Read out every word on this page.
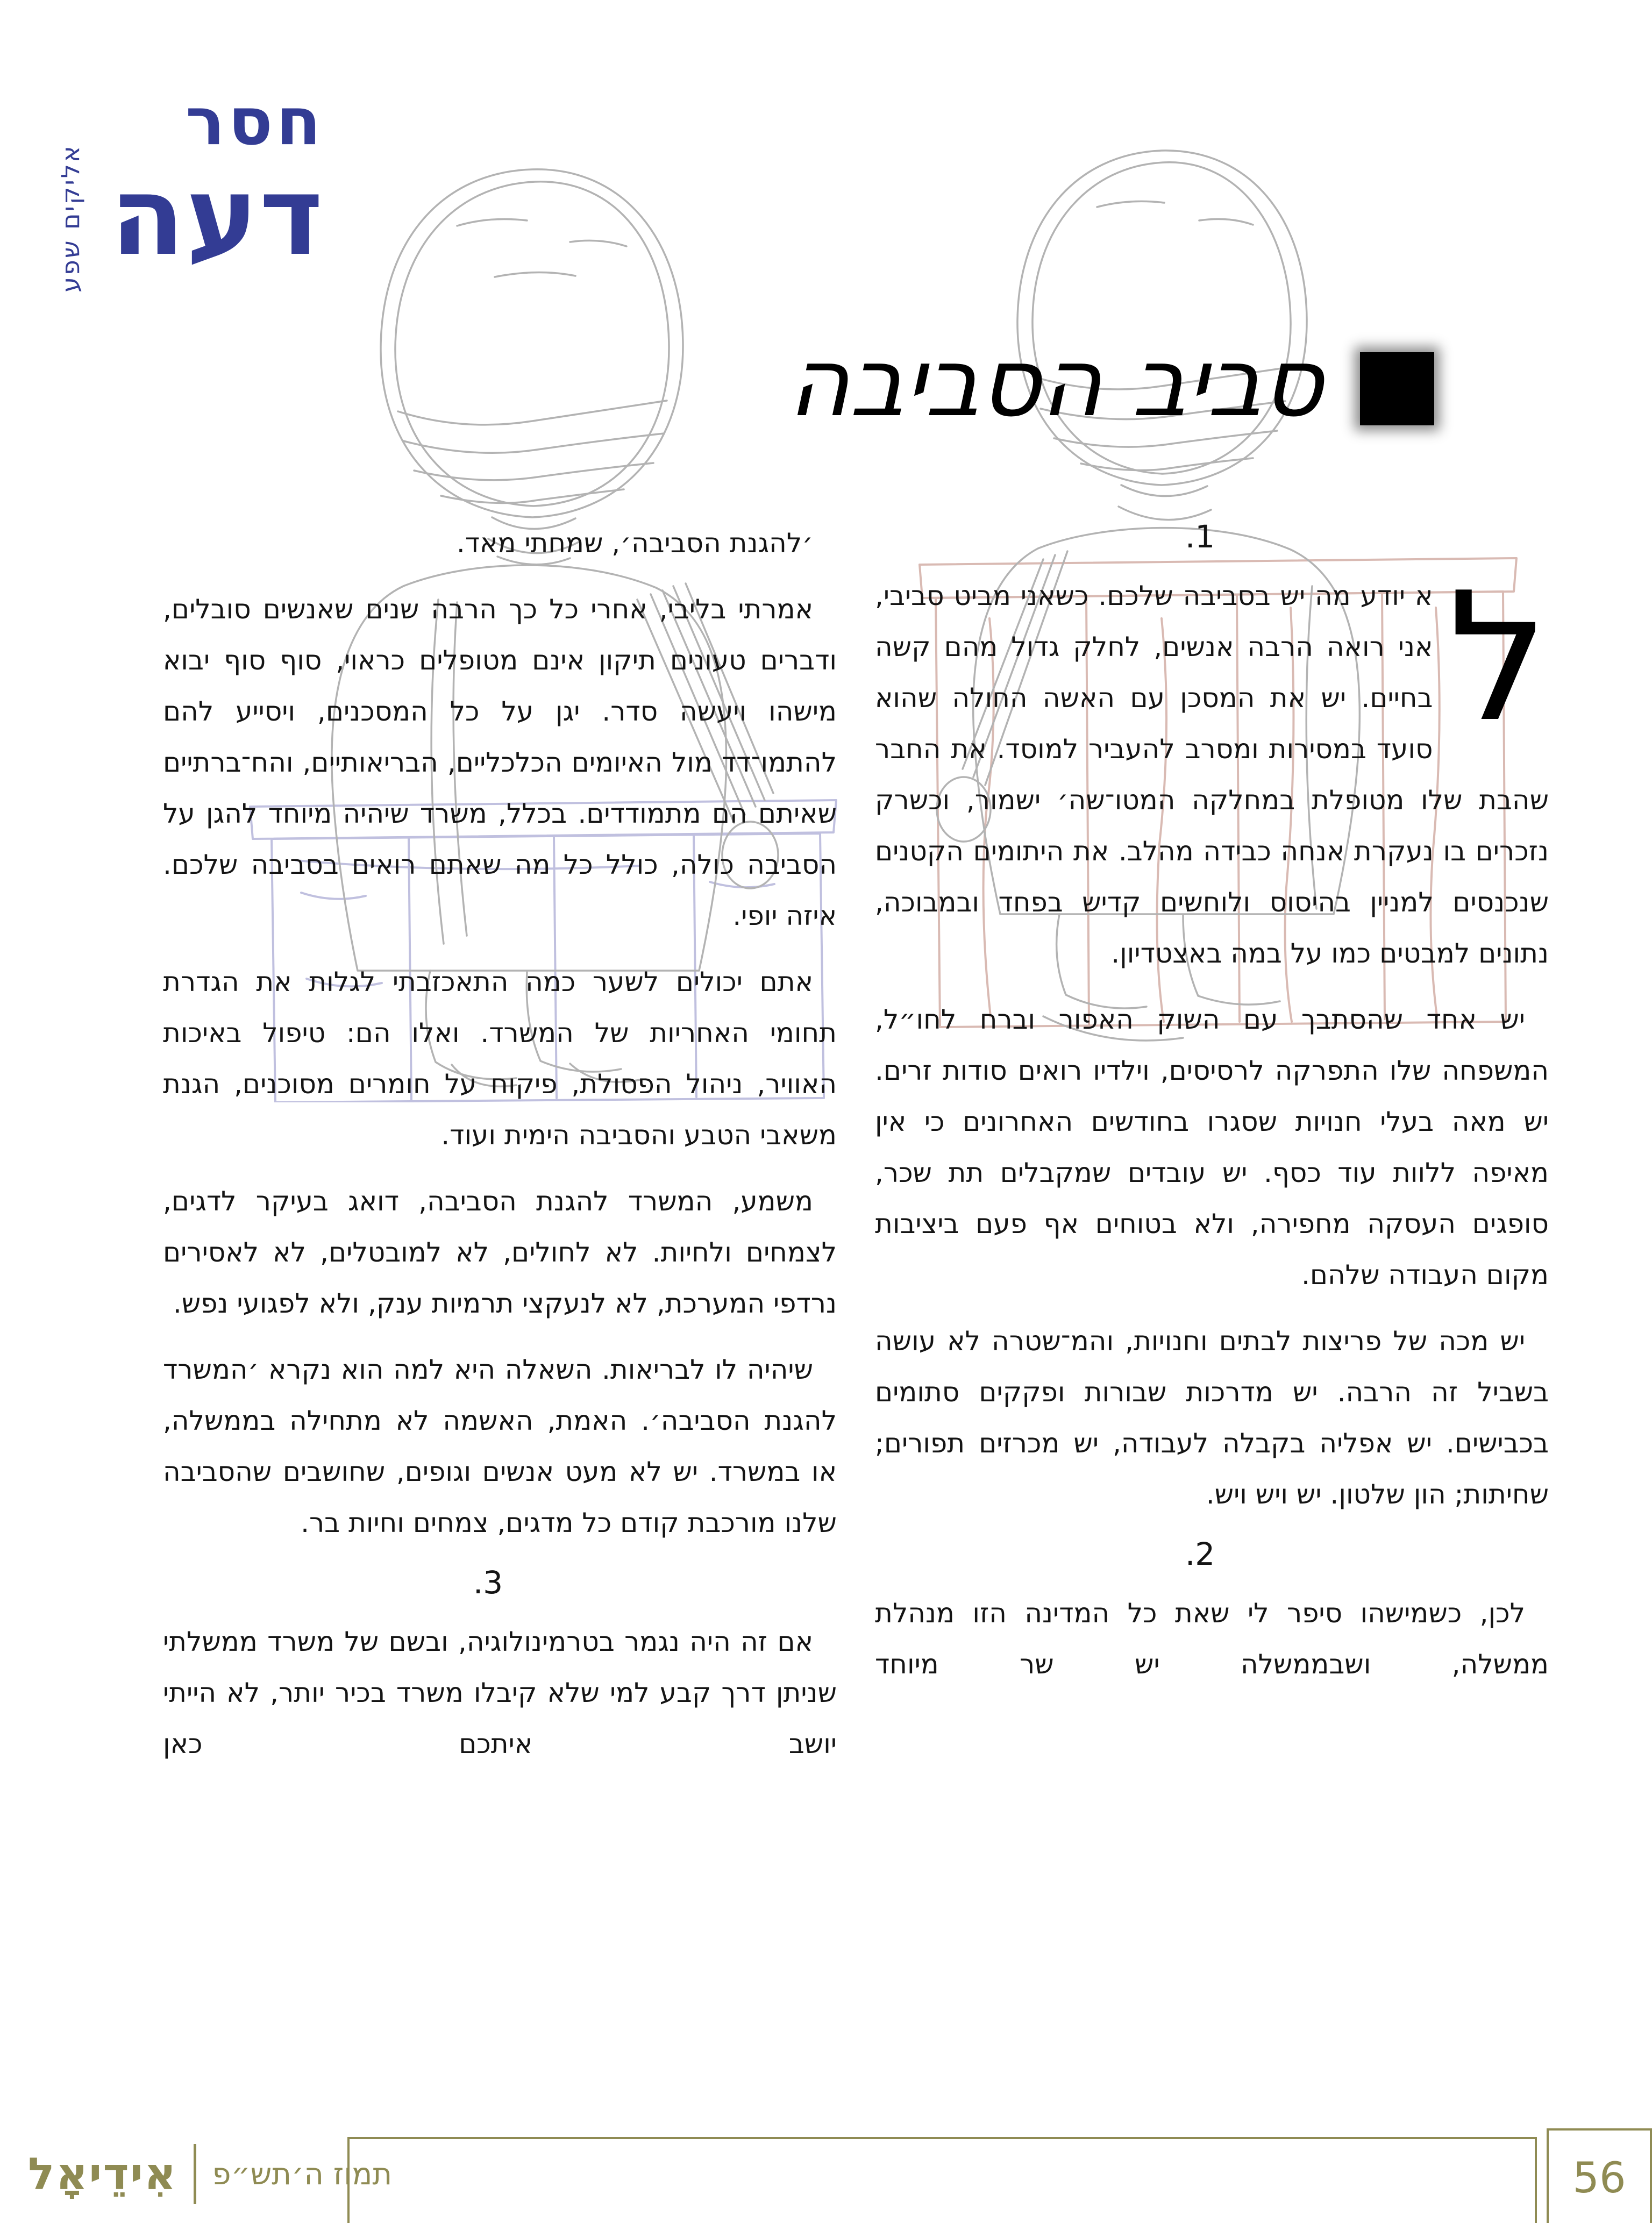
אליקים שפע
חסר
דעה
סביב הסביבה

1.

ל
א יודע מה יש בסביבה שלכם. כשאני מביט סביבי, אני רואה הרבה אנשים, לחלק גדול מהם קשה בחיים. יש את המסכן עם האשה החולה שהוא סועד במסירות ומסרב להעביר למוסד. את החבר שהבת שלו מטופלת במחלקה המטו־שה׳ ישמור, וכשרק נזכרים בו נעקרת אנחה כבידה מהלב. את היתומים הקטנים שנכנסים למניין בהיסוס ולוחשים קדיש בפחד ובמבוכה, נתונים למבטים כמו על במה באצטדיון.

יש אחד שהסתבך עם השוק האפור וברח לחו״ל, המשפחה שלו התפרקה לרסיסים, וילדיו רואים סודות זרים. יש מאה בעלי חנויות שסגרו בחודשים האחרונים כי אין מאיפה ללוות עוד כסף. יש עובדים שמקבלים תת שכר, סופגים העסקה מחפירה, ולא בטוחים אף פעם ביציבות מקום העבודה שלהם.

יש מכה של פריצות לבתים וחנויות, והמ־שטרה לא עושה בשביל זה הרבה. יש מדרכות שבורות ופקקים סתומים בכבישים. יש אפליה בקבלה לעבודה, יש מכרזים תפורים; שחיתות; הון שלטון. יש ויש ויש.

2.

לכן, כשמישהו סיפר לי שאת כל המדינה הזו מנהלת ממשלה, ושבממשלה יש שר מיוחד

׳להגנת הסביבה׳, שמחתי מאד.

אמרתי בליבי, אחרי כל כך הרבה שנים שאנשים סובלים, ודברים טעונים תיקון אינם מטופלים כראוי, סוף סוף יבוא מישהו ויעשה סדר. יגן על כל המסכנים, ויסייע להם להתמו־דד מול האיומים הכלכליים, הבריאותיים, והח־ברתיים שאיתם הם מתמודדים. בכלל, משרד שיהיה מיוחד להגן על הסביבה כולה, כולל כל מה שאתם רואים בסביבה שלכם. איזה יופי.

אתם יכולים לשער כמה התאכזבתי לגלות את הגדרת תחומי האחריות של המשרד. ואלו הם: טיפול באיכות האוויר, ניהול הפסולת, פיקוח על חומרים מסוכנים, הגנת משאבי הטבע והסביבה הימית ועוד.

משמע, המשרד להגנת הסביבה, דואג בעיקר לדגים, לצמחים ולחיות. לא לחולים, לא למובטלים, לא לאסירים נרדפי המערכת, לא לנעקצי תרמיות ענק, ולא לפגועי נפש.

שיהיה לו לבריאות. השאלה היא למה הוא נקרא ׳המשרד להגנת הסביבה׳. האמת, האשמה לא מתחילה בממשלה, או במשרד. יש לא מעט אנשים וגופים, שחושבים שהסביבה שלנו מורכבת קודם כל מדגים, צמחים וחיות בר.

3.

אם זה היה נגמר בטרמינולוגיה, ובשם של משרד ממשלתי שניתן דרך קבע למי שלא קיבלו משרד בכיר יותר, לא הייתי יושב איתכם כאן

56
תמוז ה׳תש״פ
אִידֵיאָל
